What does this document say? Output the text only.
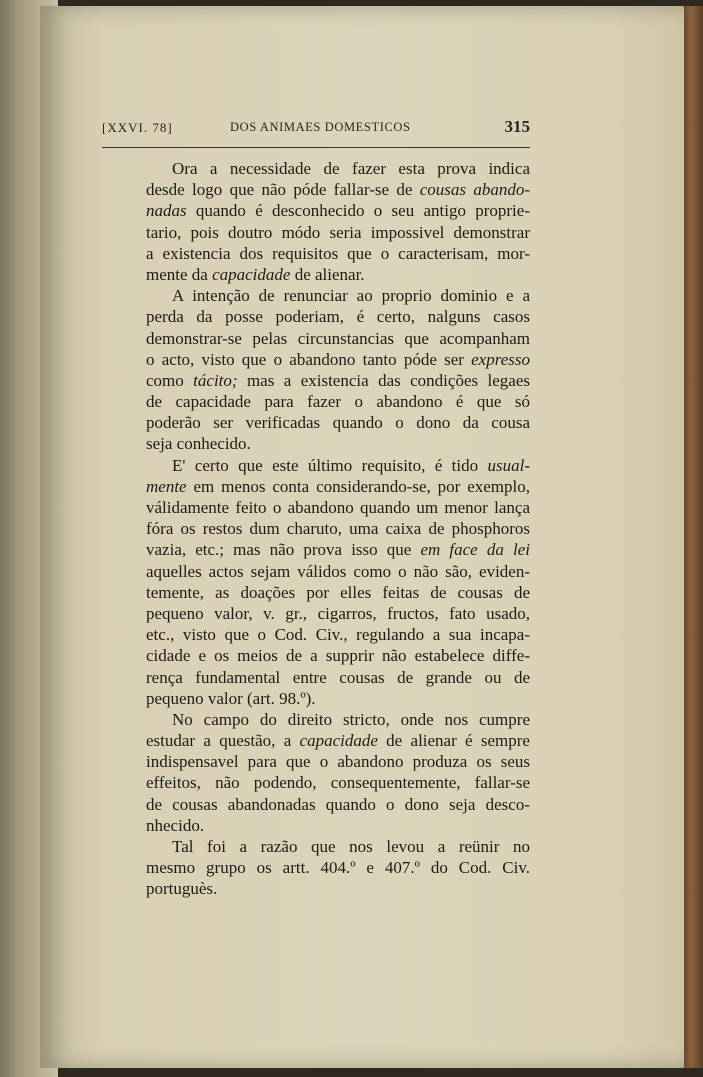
[XXVI. 78]	DOS ANIMAES DOMESTICOS	315
Ora a necessidade de fazer esta prova indica
desde logo que não póde fallar-se de cousas abando-
nadas quando é desconhecido o seu antigo proprie-
tario, pois doutro módo seria impossivel demonstrar
a existencia dos requisitos que o caracterisam, mor-
mente da capacidade de alienar.
A intenção de renunciar ao proprio dominio e a
perda da posse poderiam, é certo, nalguns casos
demonstrar-se pelas circunstancias que acompanham
o acto, visto que o abandono tanto póde ser expresso
como tácito; mas a existencia das condições legaes
de capacidade para fazer o abandono é que só
poderão ser verificadas quando o dono da cousa
seja conhecido.
E' certo que este último requisito, é tido usual-
mente em menos conta considerando-se, por exemplo,
válidamente feito o abandono quando um menor lança
fóra os restos dum charuto, uma caixa de phosphoros
vazia, etc.; mas não prova isso que em face da lei
aquelles actos sejam válidos como o não são, eviden-
temente, as doações por elles feitas de cousas de
pequeno valor, v. gr., cigarros, fructos, fato usado,
etc., visto que o Cod. Civ., regulando a sua incapa-
cidade e os meios de a supprir não estabelece diffe-
rença fundamental entre cousas de grande ou de
pequeno valor (art. 98.º).
No campo do direito stricto, onde nos cumpre
estudar a questão, a capacidade de alienar é sempre
indispensavel para que o abandono produza os seus
effeitos, não podendo, consequentemente, fallar-se
de cousas abandonadas quando o dono seja desco-
nhecido.
Tal foi a razão que nos levou a reünir no
mesmo grupo os artt. 404.º e 407.º do Cod. Civ.
portuguès.
